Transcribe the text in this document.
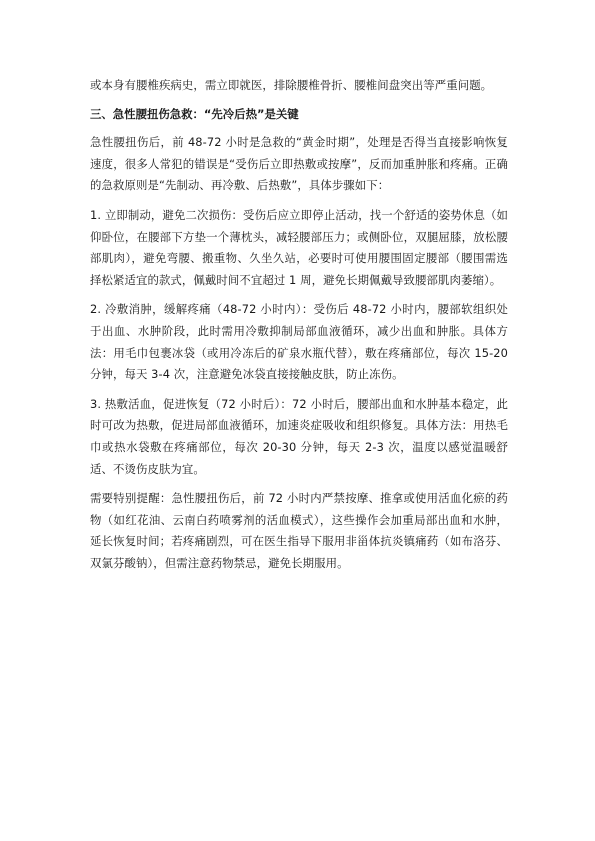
或本身有腰椎疾病史，需立即就医，排除腰椎骨折、腰椎间盘突出等严重问题。

三、急性腰扭伤急救：“先冷后热”是关键

急性腰扭伤后，前 48-72 小时是急救的“黄金时期”，处理是否得当直接影响恢复速度，很多人常犯的错误是“受伤后立即热敷或按摩”，反而加重肿胀和疼痛。正确的急救原则是“先制动、再冷敷、后热敷”，具体步骤如下：

1. 立即制动，避免二次损伤：受伤后应立即停止活动，找一个舒适的姿势休息（如仰卧位，在腰部下方垫一个薄枕头，减轻腰部压力；或侧卧位，双腿屈膝，放松腰部肌肉），避免弯腰、搬重物、久坐久站，必要时可使用腰围固定腰部（腰围需选择松紧适宜的款式，佩戴时间不宜超过 1 周，避免长期佩戴导致腰部肌肉萎缩）。

2. 冷敷消肿，缓解疼痛（48-72 小时内）：受伤后 48-72 小时内，腰部软组织处于出血、水肿阶段，此时需用冷敷抑制局部血液循环，减少出血和肿胀。具体方法：用毛巾包裹冰袋（或用冷冻后的矿泉水瓶代替），敷在疼痛部位，每次 15-20 分钟，每天 3-4 次，注意避免冰袋直接接触皮肤，防止冻伤。

3. 热敷活血，促进恢复（72 小时后）：72 小时后，腰部出血和水肿基本稳定，此时可改为热敷，促进局部血液循环，加速炎症吸收和组织修复。具体方法：用热毛巾或热水袋敷在疼痛部位，每次 20-30 分钟，每天 2-3 次，温度以感觉温暖舒适、不烫伤皮肤为宜。

需要特别提醒：急性腰扭伤后，前 72 小时内严禁按摩、推拿或使用活血化瘀的药物（如红花油、云南白药喷雾剂的活血模式），这些操作会加重局部出血和水肿，延长恢复时间；若疼痛剧烈，可在医生指导下服用非甾体抗炎镇痛药（如布洛芬、双氯芬酸钠），但需注意药物禁忌，避免长期服用。
